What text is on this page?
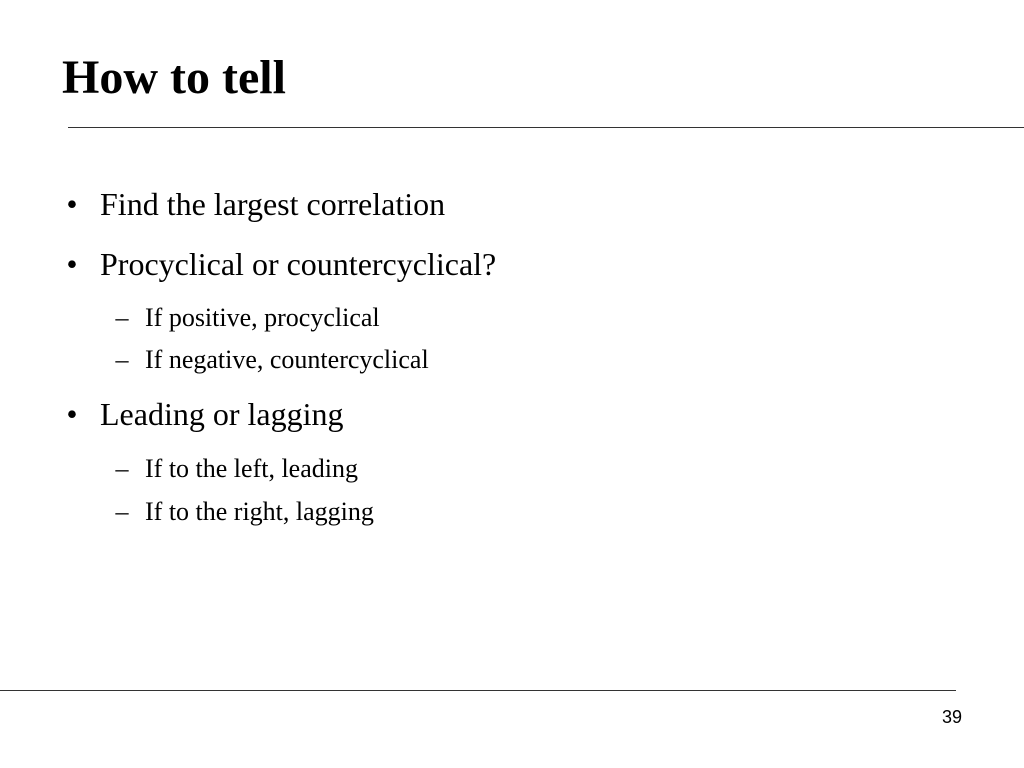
How to tell
• Find the largest correlation
• Procyclical or countercyclical?
– If positive, procyclical
– If negative, countercyclical
• Leading or lagging
– If to the left, leading
– If to the right, lagging
39
